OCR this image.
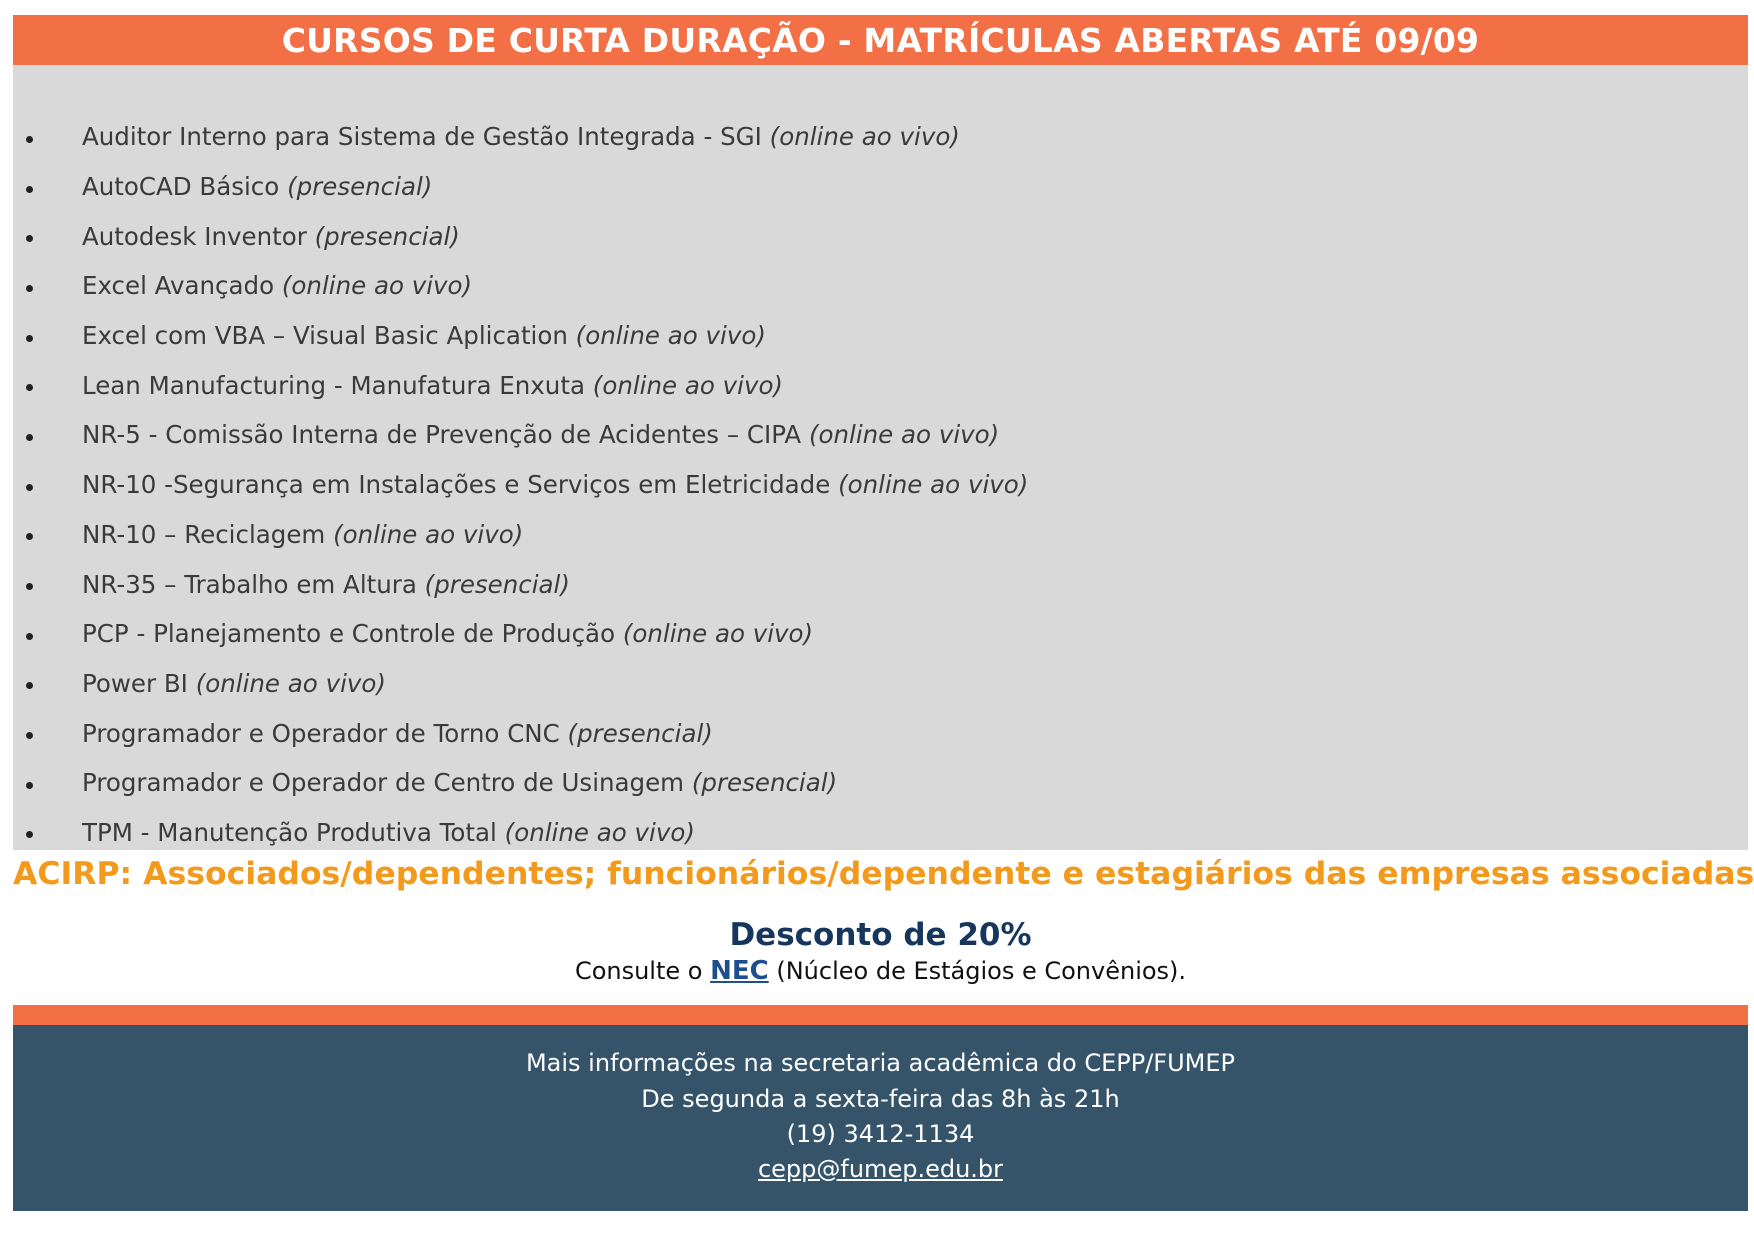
CURSOS DE CURTA DURAÇÃO - MATRÍCULAS ABERTAS ATÉ 09/09
Auditor Interno para Sistema de Gestão Integrada - SGI (online ao vivo)
AutoCAD Básico (presencial)
Autodesk Inventor (presencial)
Excel Avançado (online ao vivo)
Excel com VBA – Visual Basic Aplication (online ao vivo)
Lean Manufacturing - Manufatura Enxuta (online ao vivo)
NR-5 - Comissão Interna de Prevenção de Acidentes – CIPA (online ao vivo)
NR-10 -Segurança em Instalações e Serviços em Eletricidade (online ao vivo)
NR-10 – Reciclagem (online ao vivo)
NR-35 – Trabalho em Altura (presencial)
PCP - Planejamento e Controle de Produção (online ao vivo)
Power BI (online ao vivo)
Programador e Operador de Torno CNC (presencial)
Programador e Operador de Centro de Usinagem (presencial)
TPM - Manutenção Produtiva Total (online ao vivo)
ACIRP: Associados/dependentes; funcionários/dependente e estagiários das empresas associadas
Desconto de 20%
Consulte o NEC (Núcleo de Estágios e Convênios).
Mais informações na secretaria acadêmica do CEPP/FUMEP
De segunda a sexta-feira das 8h às 21h
(19) 3412-1134
cepp@fumep.edu.br
